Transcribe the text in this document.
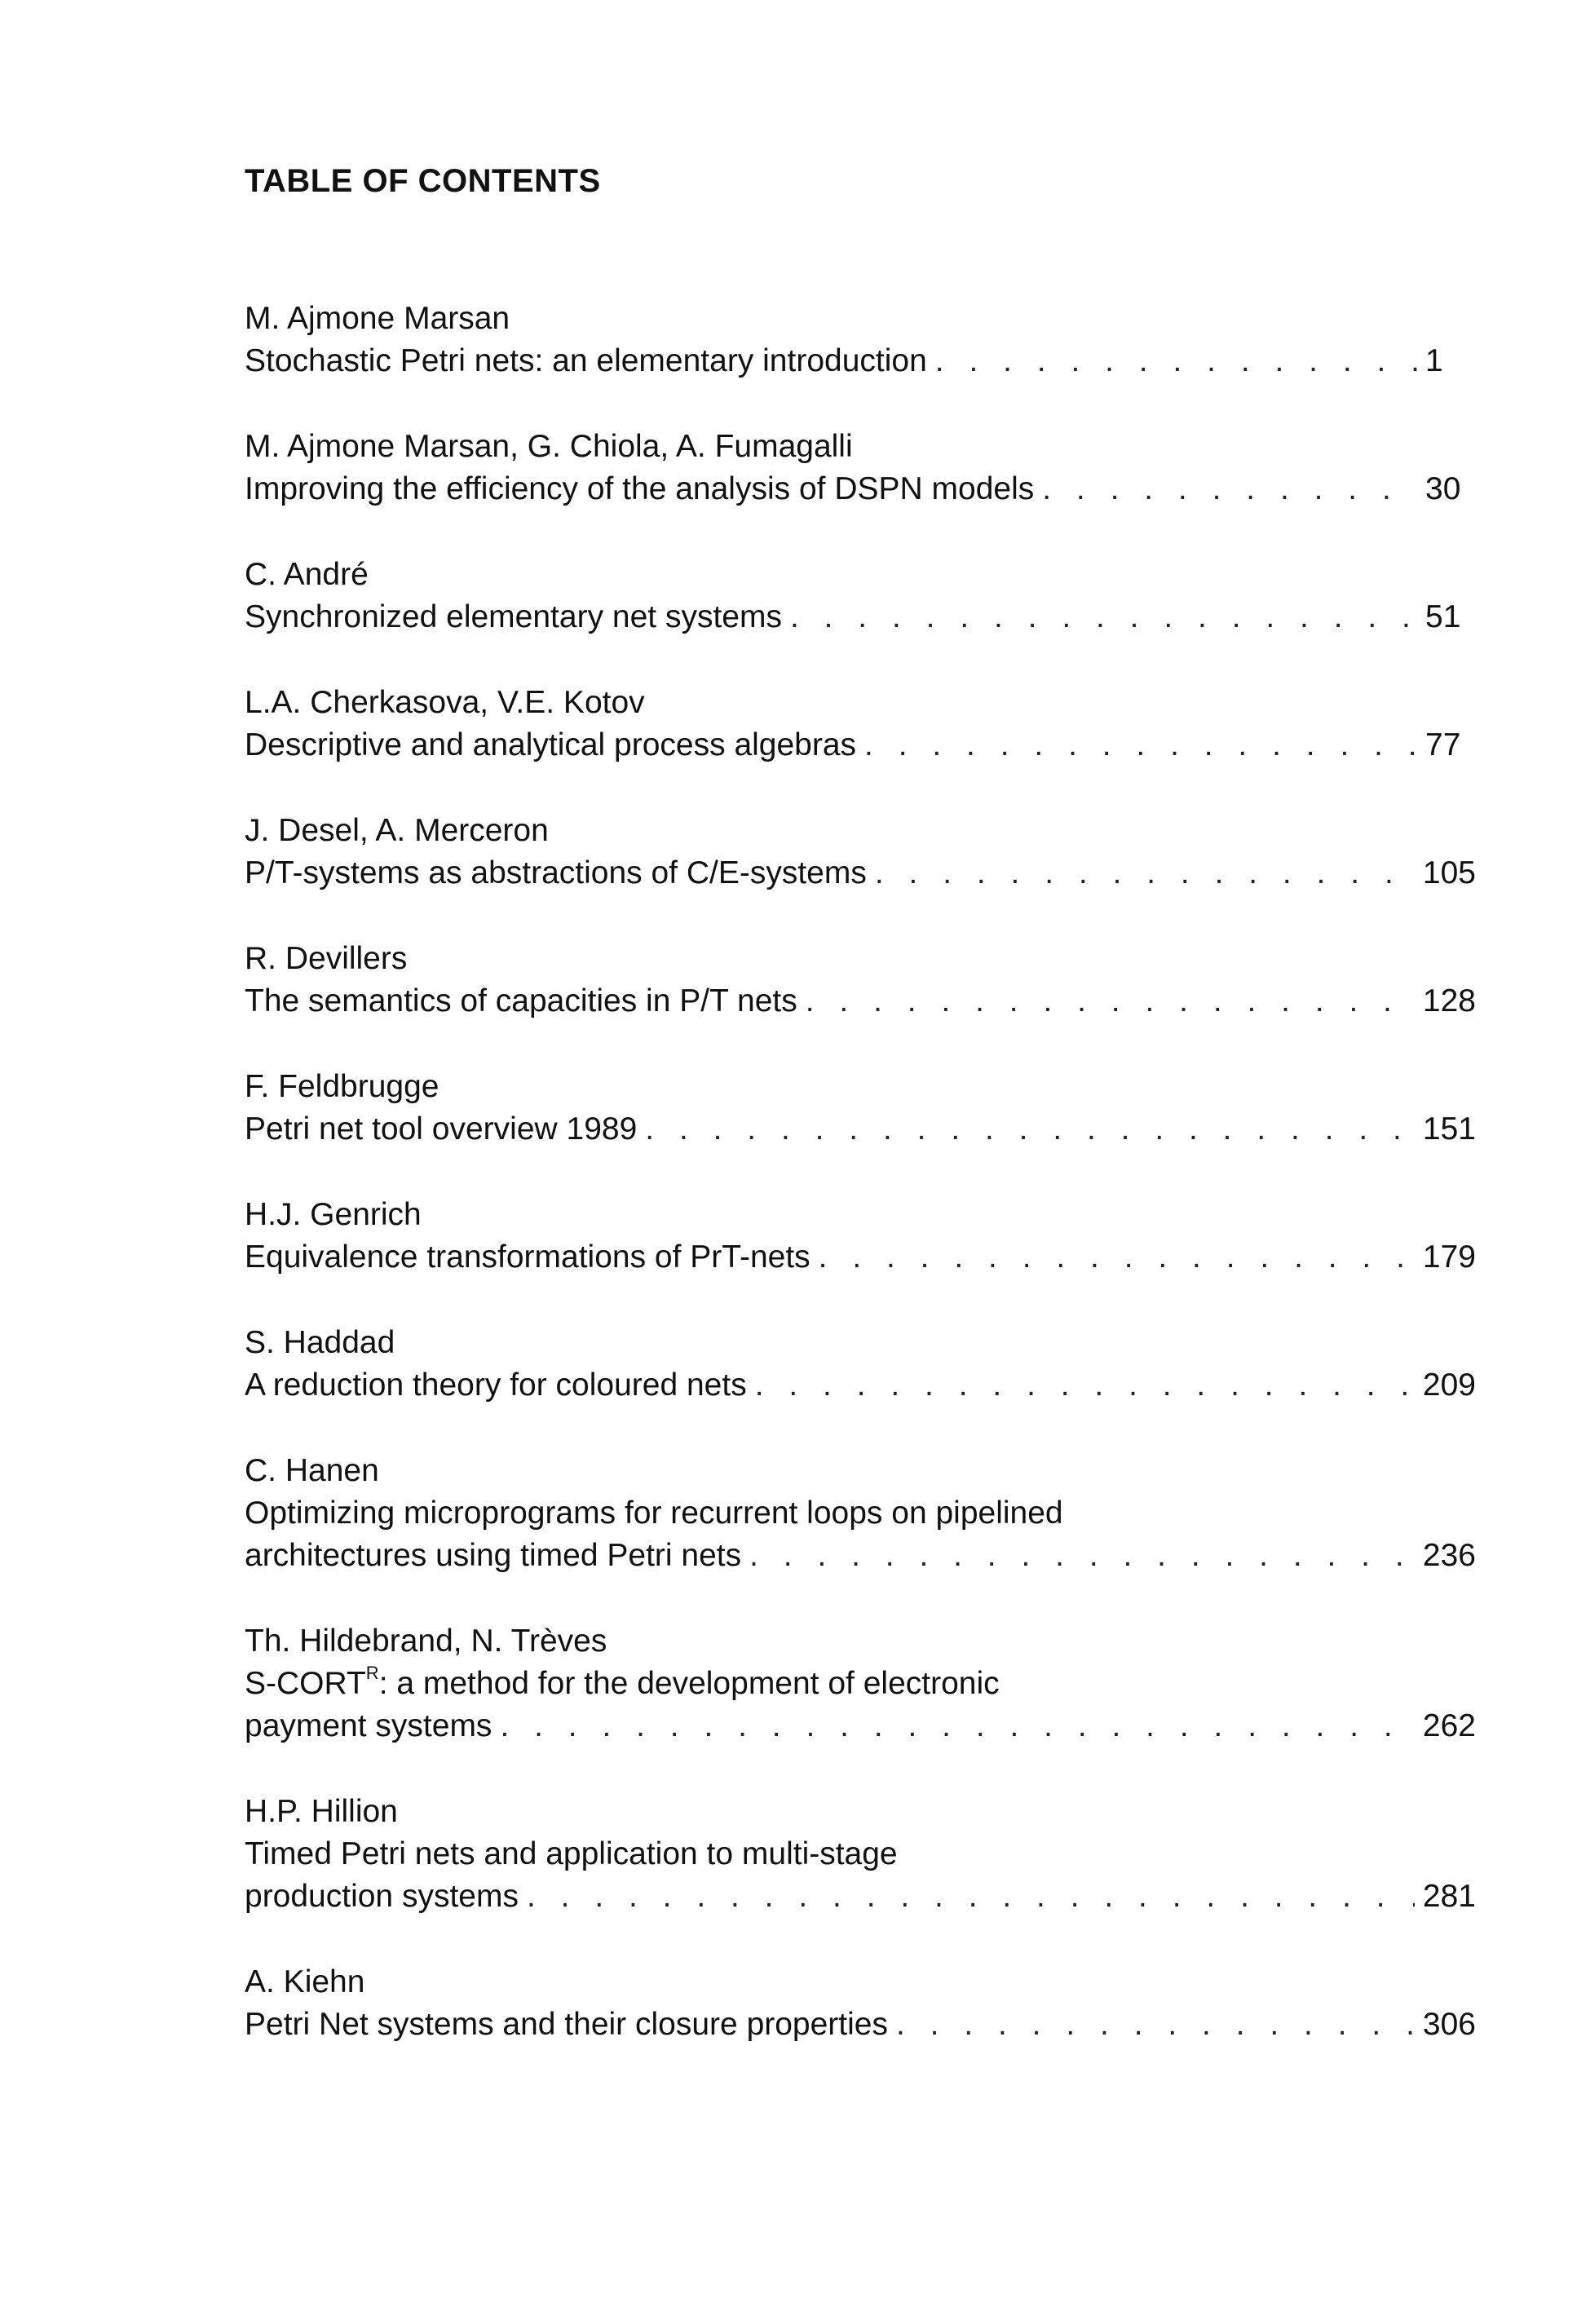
TABLE OF CONTENTS
M. Ajmone Marsan
Stochastic Petri nets: an elementary introduction . . .	1
M. Ajmone Marsan, G. Chiola, A. Fumagalli
Improving the efficiency of the analysis of DSPN models . . .	30
C. André
Synchronized elementary net systems . . .	51
L.A. Cherkasova, V.E. Kotov
Descriptive and analytical process algebras . . .	77
J. Desel, A. Merceron
P/T-systems as abstractions of C/E-systems . . .	105
R. Devillers
The semantics of capacities in P/T nets . . .	128
F. Feldbrugge
Petri net tool overview 1989 . . .	151
H.J. Genrich
Equivalence transformations of PrT-nets . . .	179
S. Haddad
A reduction theory for coloured nets . . .	209
C. Hanen
Optimizing microprograms for recurrent loops on pipelined
architectures using timed Petri nets . . .	236
Th. Hildebrand, N. Trèves
$S-CORT^R$: a method for the development of electronic
payment systems . . .	262
H.P. Hillion
Timed Petri nets and application to multi-stage
production systems . . .	281
A. Kiehn
Petri Net systems and their closure properties . . .	306
